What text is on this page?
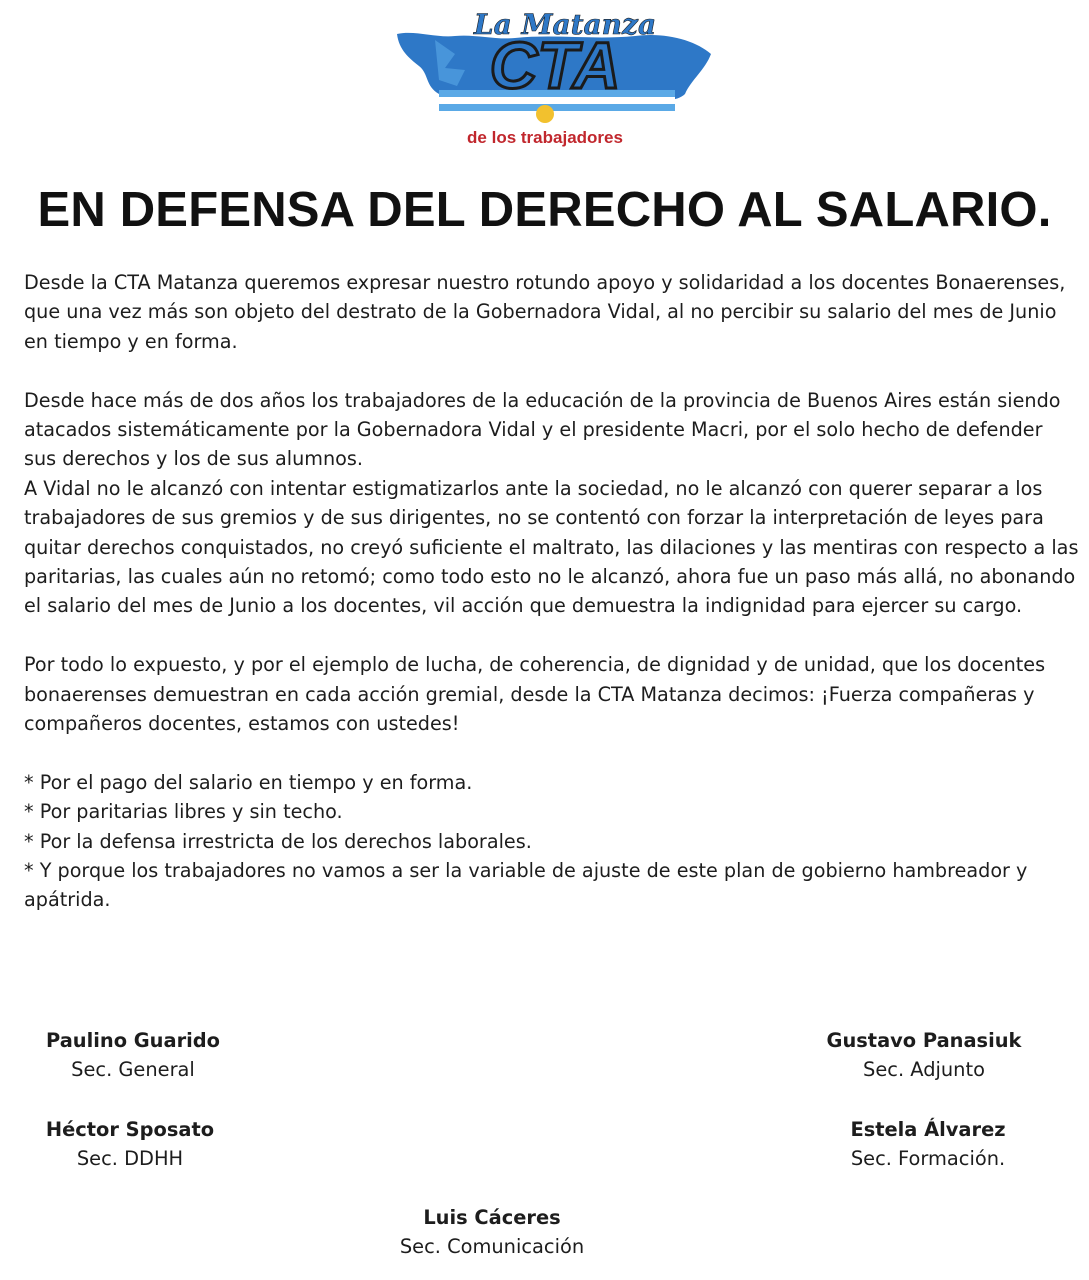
La Matanza
CTA
de los trabajadores
EN DEFENSA DEL DERECHO AL SALARIO.

Desde la CTA Matanza queremos expresar nuestro rotundo apoyo y solidaridad a los docentes Bonaerenses, que una vez más son objeto del destrato de la Gobernadora Vidal, al no percibir su salario del mes de Junio en tiempo y en forma.

Desde hace más de dos años los trabajadores de la educación de la provincia de Buenos Aires están siendo atacados sistemáticamente por la Gobernadora Vidal y el presidente Macri, por el solo hecho de defender sus derechos y los de sus alumnos.

A Vidal no le alcanzó con intentar estigmatizarlos ante la sociedad, no le alcanzó con querer separar a los trabajadores de sus gremios y de sus dirigentes, no se contentó con forzar la interpretación de leyes para quitar derechos conquistados, no creyó suficiente el maltrato, las dilaciones y las mentiras con respecto a las paritarias, las cuales aún no retomó; como todo esto no le alcanzó, ahora fue un paso más allá, no abonando el salario del mes de Junio a los docentes, vil acción que demuestra la indignidad para ejercer su cargo.

Por todo lo expuesto, y por el ejemplo de lucha, de coherencia, de dignidad y de unidad, que los docentes bonaerenses demuestran en cada acción gremial, desde la CTA Matanza decimos: ¡Fuerza compañeras y compañeros docentes, estamos con ustedes!

* Por el pago del salario en tiempo y en forma.

* Por paritarias libres y sin techo.

* Por la defensa irrestricta de los derechos laborales.

* Y porque los trabajadores no vamos a ser la variable de ajuste de este plan de gobierno hambreador y apátrida.

Paulino Guarido
Sec. General
Gustavo Panasiuk
Sec. Adjunto
Héctor Sposato
Sec. DDHH
Estela Álvarez
Sec. Formación.
Luis Cáceres
Sec. Comunicación
